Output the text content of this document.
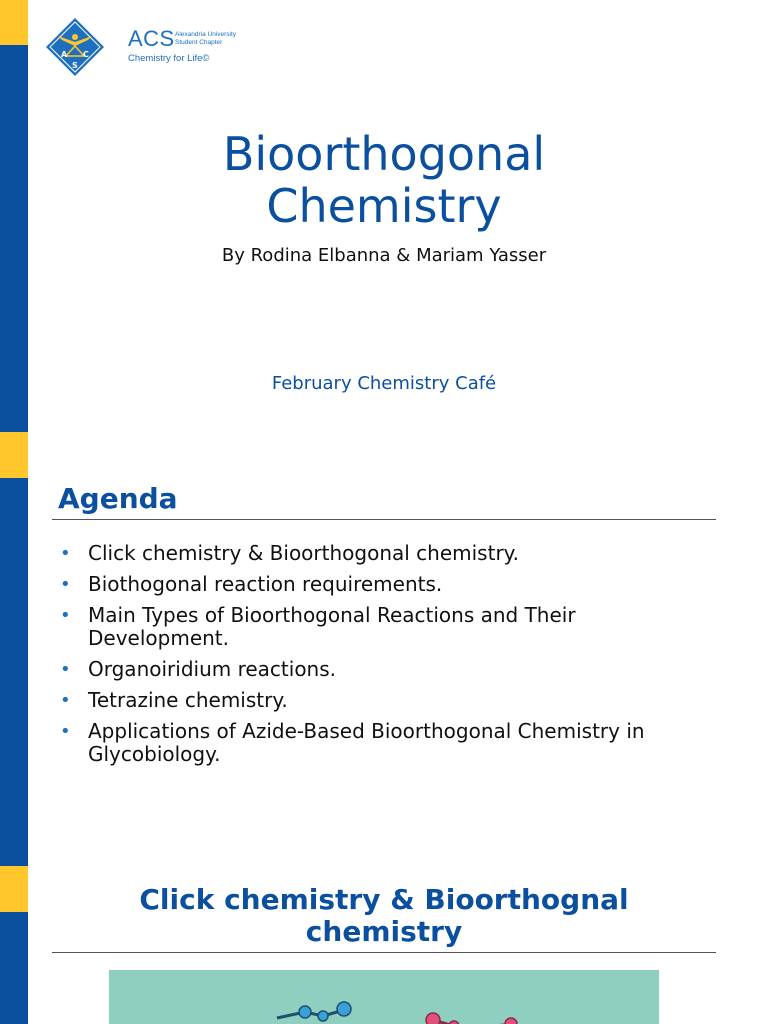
A C
S
ACS Alexandria University
Student Chapter
Chemistry for Life©
Bioorthogonal
Chemistry
By Rodina Elbanna & Mariam Yasser
February Chemistry Café
Agenda
• Click chemistry & Bioorthogonal chemistry.
• Biothogonal reaction requirements.
• Main Types of Bioorthogonal Reactions and Their Development.
• Organoiridium reactions.
• Tetrazine chemistry.
• Applications of Azide-Based Bioorthogonal Chemistry in Glycobiology.
Click chemistry & Bioorthognal
chemistry
